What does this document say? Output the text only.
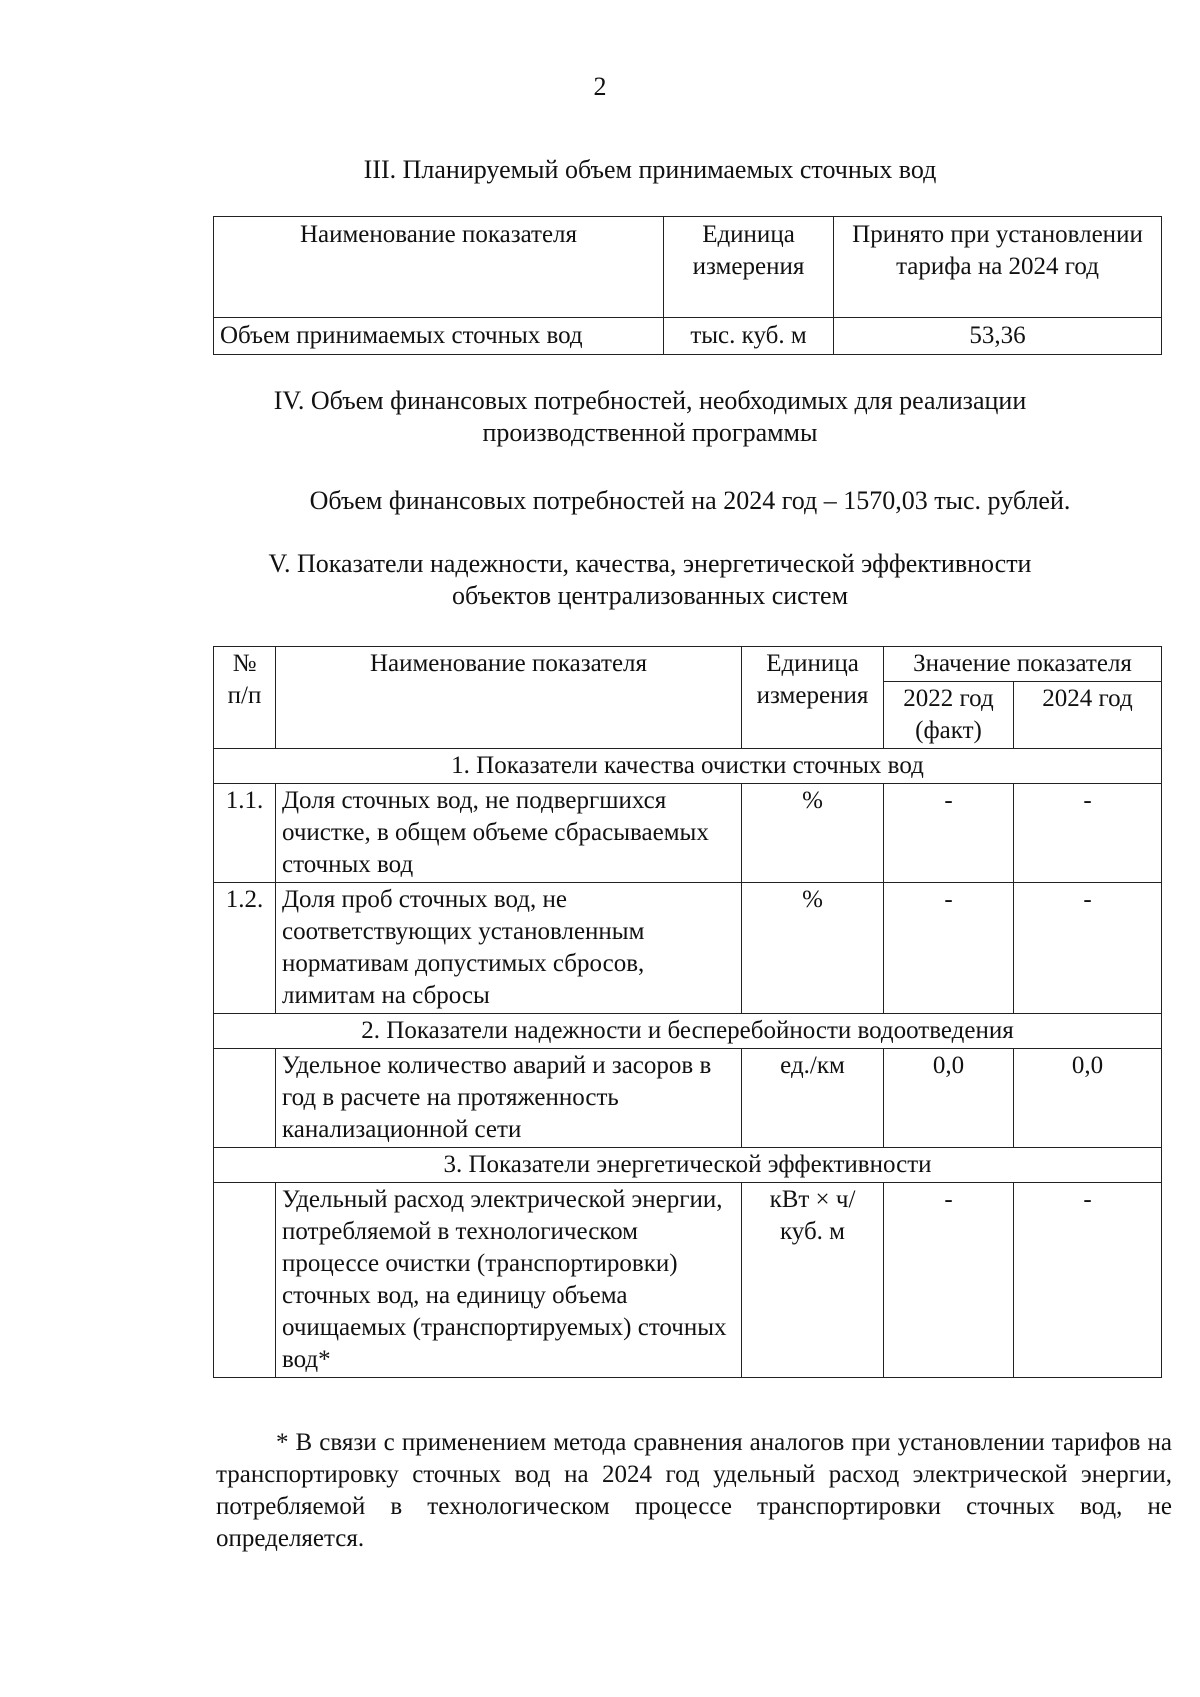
2
III. Планируемый объем принимаемых сточных вод
Наименование показателя	Единица измерения	Принято при установлении тарифа на 2024 год
Объем принимаемых сточных вод	тыс. куб. м	53,36
IV. Объем финансовых потребностей, необходимых для реализации
производственной программы
Объем финансовых потребностей на 2024 год – 1570,03 тыс. рублей.
V. Показатели надежности, качества, энергетической эффективности
объектов централизованных систем
№ п/п	Наименование показателя	Единица измерения	Значение показателя	
			2022 год (факт)	2024 год
1. Показатели качества очистки сточных вод				
1.1.	Доля сточных вод, не подвергшихся очистке, в общем объеме сбрасываемых сточных вод	%	-	-
1.2.	Доля проб сточных вод, не соответствующих установленным нормативам допустимых сбросов, лимитам на сбросы	%	-	-
2. Показатели надежности и бесперебойности водоотведения				
	Удельное количество аварий и засоров в год в расчете на протяженность канализационной сети	ед./км	0,0	0,0
3. Показатели энергетической эффективности				
	Удельный расход электрической энергии, потребляемой в технологическом процессе очистки (транспортировки) сточных вод, на единицу объема очищаемых (транспортируемых) сточных вод*	кВт × ч/ куб. м	-	-
* В связи с применением метода сравнения аналогов при установлении тарифов на транспортировку сточных вод на 2024 год удельный расход электрической энергии, потребляемой в технологическом процессе транспортировки сточных вод, не определяется.
